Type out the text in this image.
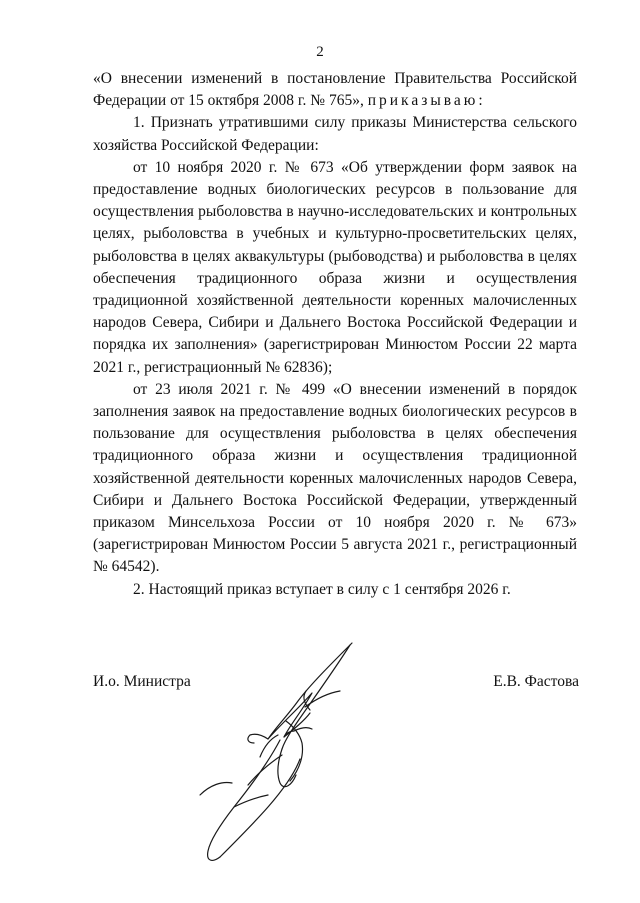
2

«О внесении изменений в постановление Правительства Российской Федерации от 15 октября 2008 г. № 765», приказываю:

1. Признать утратившими силу приказы Министерства сельского хозяйства Российской Федерации:

от 10 ноября 2020 г. № 673 «Об утверждении форм заявок на предоставление водных биологических ресурсов в пользование для осуществления рыболовства в научно-исследовательских и контрольных целях, рыболовства в учебных и культурно-просветительских целях, рыболовства в целях аквакультуры (рыбоводства) и рыболовства в целях обеспечения традиционного образа жизни и осуществления традиционной хозяйственной деятельности коренных малочисленных народов Севера, Сибири и Дальнего Востока Российской Федерации и порядка их заполнения» (зарегистрирован Минюстом России 22 марта 2021 г., регистрационный № 62836);

от 23 июля 2021 г. № 499 «О внесении изменений в порядок заполнения заявок на предоставление водных биологических ресурсов в пользование для осуществления рыболовства в целях обеспечения традиционного образа жизни и осуществления традиционной хозяйственной деятельности коренных малочисленных народов Севера, Сибири и Дальнего Востока Российской Федерации, утвержденный приказом Минсельхоза России от 10 ноября 2020 г. № 673» (зарегистрирован Минюстом России 5 августа 2021 г., регистрационный № 64542).

2. Настоящий приказ вступает в силу с 1 сентября 2026 г.

И.о. Министра	Е.В. Фастова
